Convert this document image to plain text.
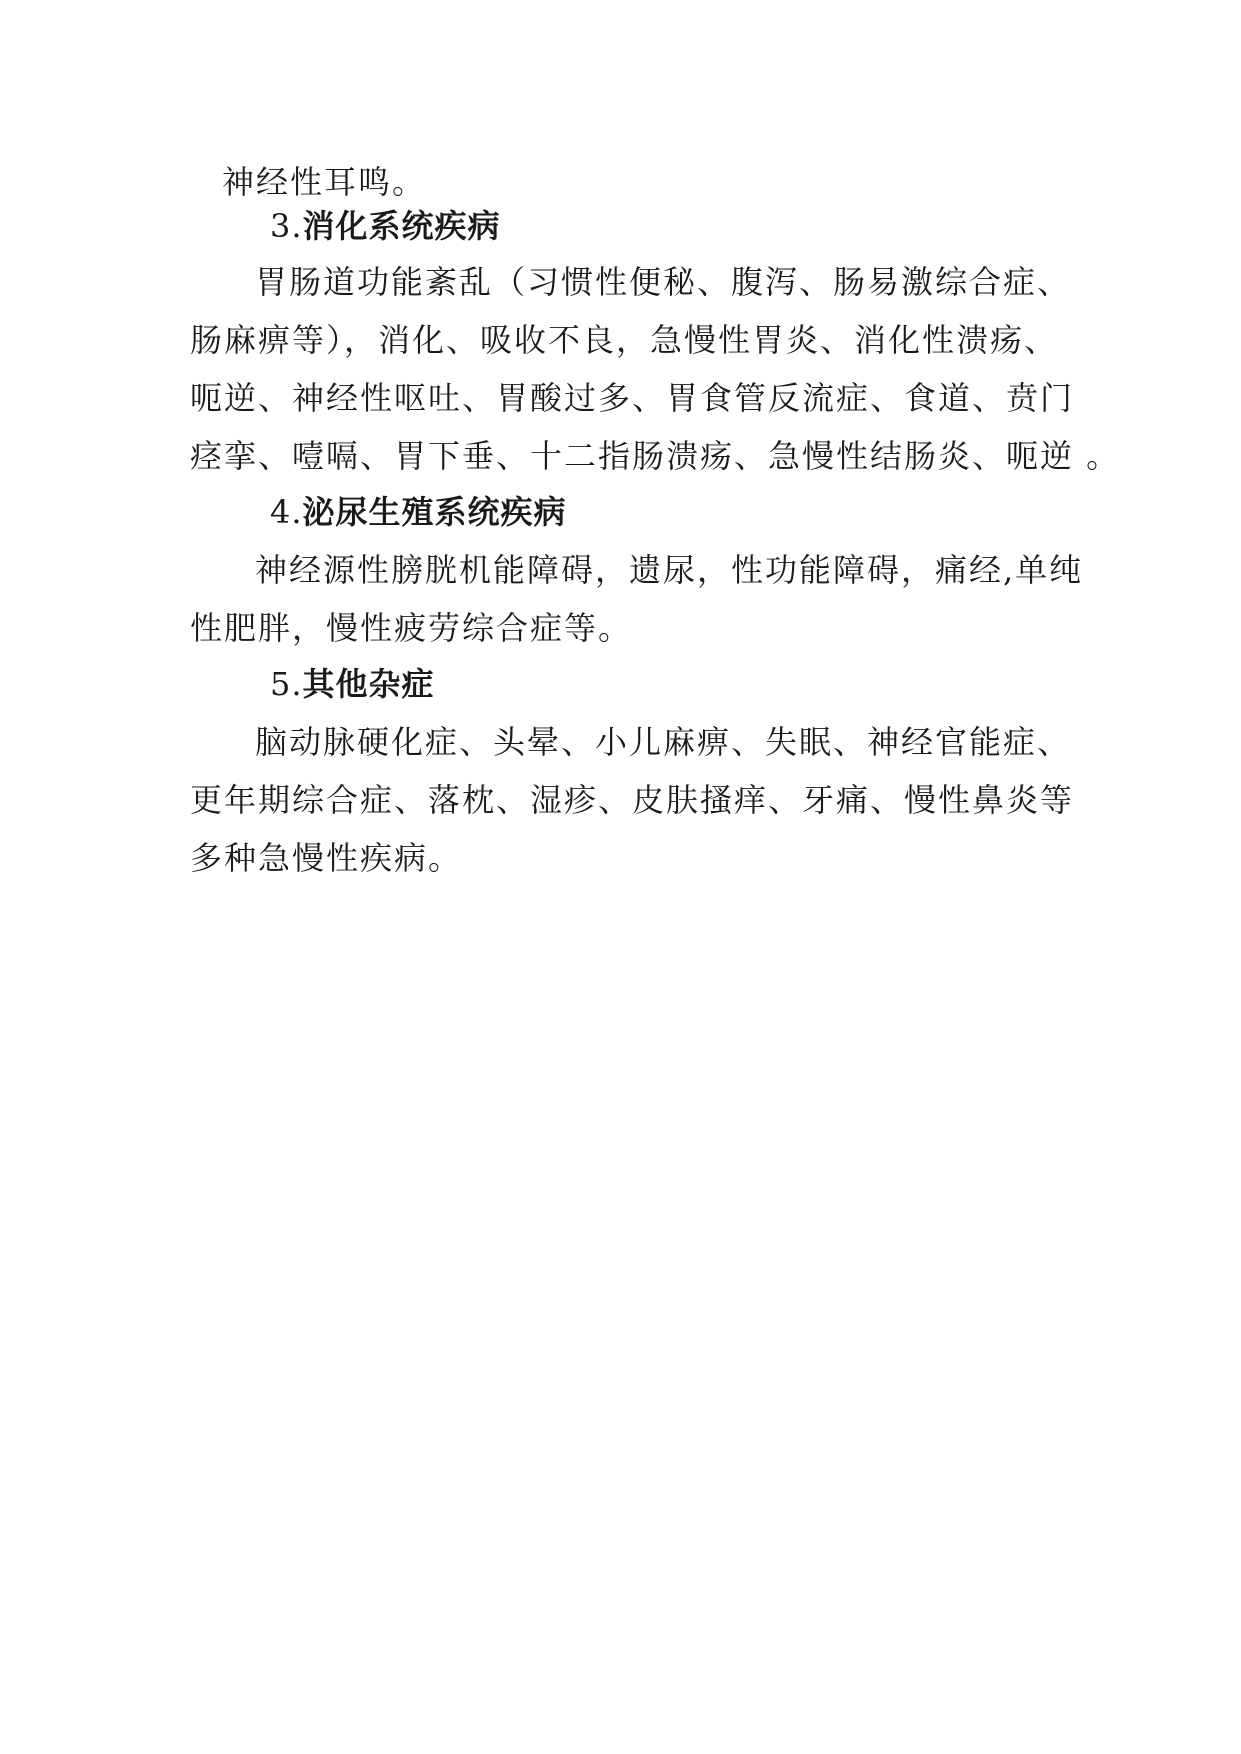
神经性耳鸣。
3.消化系统疾病
胃肠道功能紊乱（习惯性便秘、腹泻、肠易激综合症、
肠麻痹等），消化、吸收不良，急慢性胃炎、消化性溃疡、
呃逆、神经性呕吐、胃酸过多、胃食管反流症、食道、贲门
痉挛、噎嗝、胃下垂、十二指肠溃疡、急慢性结肠炎、呃逆 。
4.泌尿生殖系统疾病
神经源性膀胱机能障碍，遗尿，性功能障碍，痛经,单纯
性肥胖，慢性疲劳综合症等。
5.其他杂症
脑动脉硬化症、头晕、小儿麻痹、失眠、神经官能症、
更年期综合症、落枕、湿疹、皮肤搔痒、牙痛、慢性鼻炎等
多种急慢性疾病。
